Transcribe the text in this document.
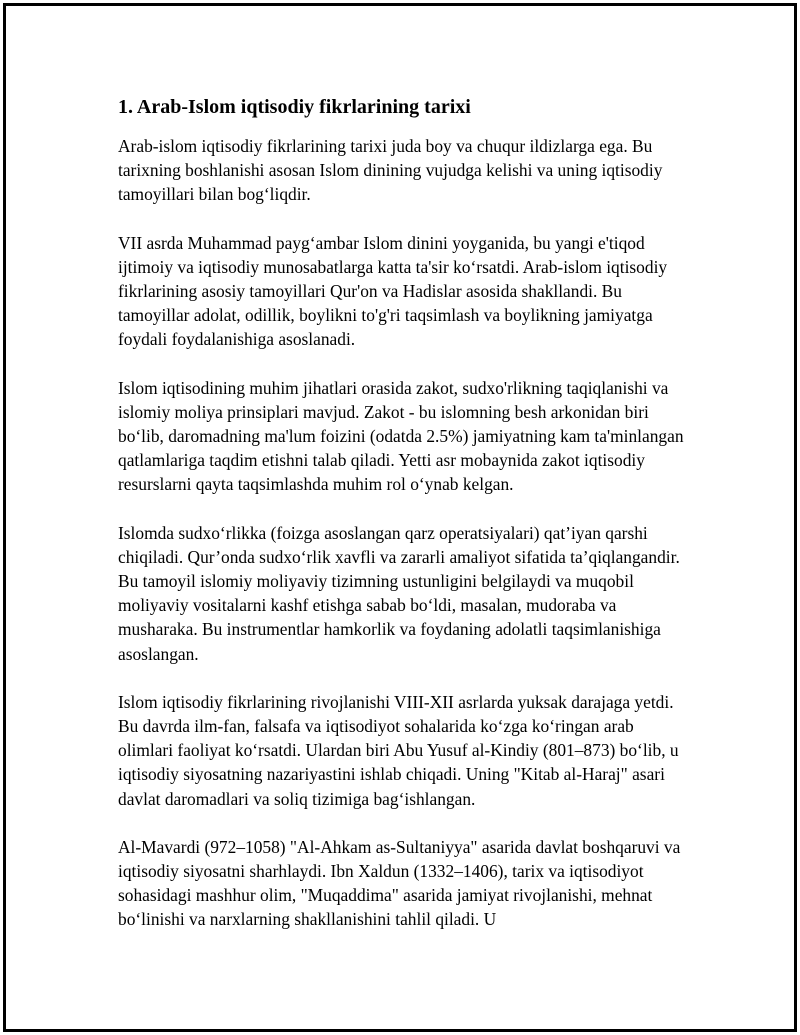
1. Arab-Islom iqtisodiy fikrlarining tarixi

Arab-islom iqtisodiy fikrlarining tarixi juda boy va chuqur ildizlarga ega. Bu tarixning boshlanishi asosan Islom dinining vujudga kelishi va uning iqtisodiy tamoyillari bilan bog‘liqdir.

VII asrda Muhammad payg‘ambar Islom dinini yoyganida, bu yangi e'tiqod ijtimoiy va iqtisodiy munosabatlarga katta ta'sir ko‘rsatdi. Arab-islom iqtisodiy fikrlarining asosiy tamoyillari Qur'on va Hadislar asosida shakllandi. Bu tamoyillar adolat, odillik, boylikni to'g'ri taqsimlash va boylikning jamiyatga foydali foydalanishiga asoslanadi.

Islom iqtisodining muhim jihatlari orasida zakot, sudxo'rlikning taqiqlanishi va islomiy moliya prinsiplari mavjud. Zakot - bu islomning besh arkonidan biri bo‘lib, daromadning ma'lum foizini (odatda 2.5%) jamiyatning kam ta'minlangan qatlamlariga taqdim etishni talab qiladi. Yetti asr mobaynida zakot iqtisodiy resurslarni qayta taqsimlashda muhim rol o‘ynab kelgan.

Islomda sudxo‘rlikka (foizga asoslangan qarz operatsiyalari) qat’iyan qarshi chiqiladi. Qur’onda sudxo‘rlik xavfli va zararli amaliyot sifatida ta’qiqlangandir. Bu tamoyil islomiy moliyaviy tizimning ustunligini belgilaydi va muqobil moliyaviy vositalarni kashf etishga sabab bo‘ldi, masalan, mudoraba va musharaka. Bu instrumentlar hamkorlik va foydaning adolatli taqsimlanishiga asoslangan.

Islom iqtisodiy fikrlarining rivojlanishi VIII-XII asrlarda yuksak darajaga yetdi. Bu davrda ilm-fan, falsafa va iqtisodiyot sohalarida ko‘zga ko‘ringan arab olimlari faoliyat ko‘rsatdi. Ulardan biri Abu Yusuf al-Kindiy (801–873) bo‘lib, u iqtisodiy siyosatning nazariyastini ishlab chiqadi. Uning "Kitab al-Haraj" asari davlat daromadlari va soliq tizimiga bag‘ishlangan.

Al-Mavardi (972–1058) "Al-Ahkam as-Sultaniyya" asarida davlat boshqaruvi va iqtisodiy siyosatni sharhlaydi. Ibn Xaldun (1332–1406), tarix va iqtisodiyot sohasidagi mashhur olim, "Muqaddima" asarida jamiyat rivojlanishi, mehnat bo‘linishi va narxlarning shakllanishini tahlil qiladi. U
